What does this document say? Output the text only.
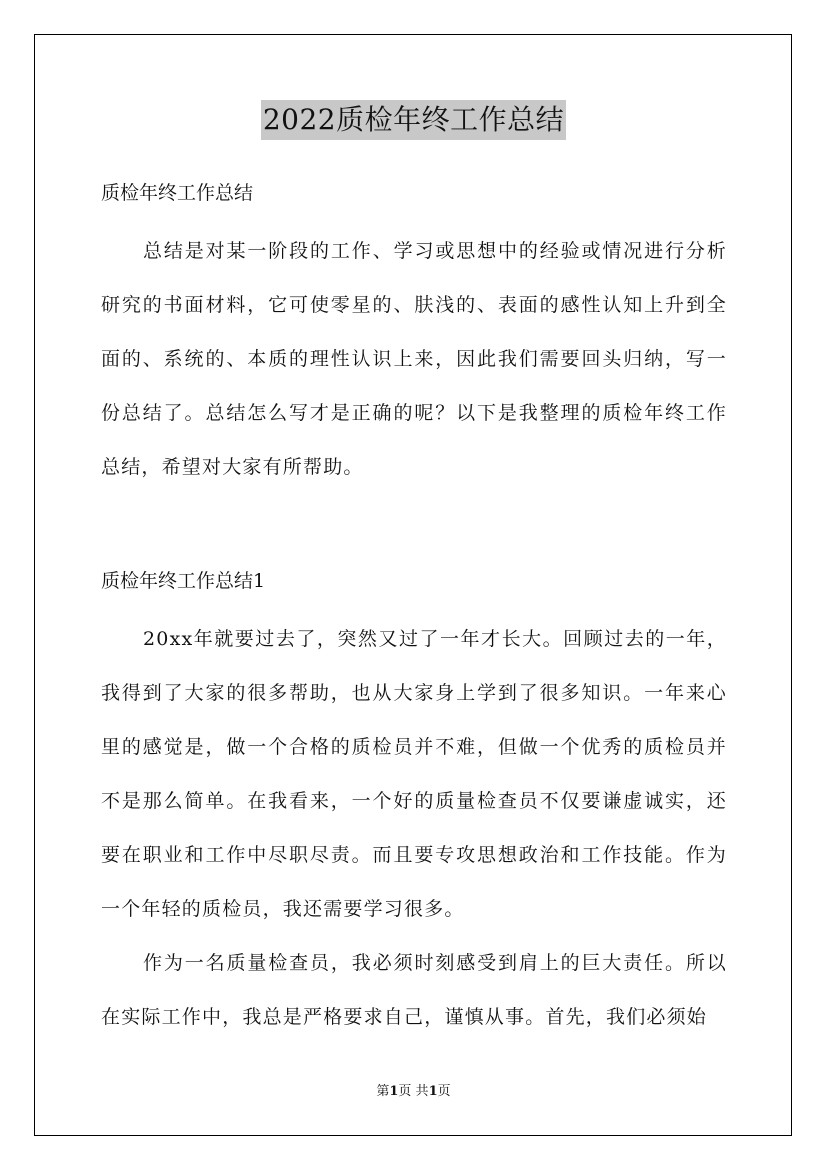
2022质检年终工作总结

质检年终工作总结

总结是对某一阶段的工作、学习或思想中的经验或情况进行分析研究的书面材料，它可使零星的、肤浅的、表面的感性认知上升到全面的、系统的、本质的理性认识上来，因此我们需要回头归纳，写一份总结了。总结怎么写才是正确的呢？以下是我整理的质检年终工作总结，希望对大家有所帮助。

质检年终工作总结1

20xx年就要过去了，突然又过了一年才长大。回顾过去的一年，我得到了大家的很多帮助，也从大家身上学到了很多知识。一年来心里的感觉是，做一个合格的质检员并不难，但做一个优秀的质检员并不是那么简单。在我看来，一个好的质量检查员不仅要谦虚诚实，还要在职业和工作中尽职尽责。而且要专攻思想政治和工作技能。作为一个年轻的质检员，我还需要学习很多。

作为一名质量检查员，我必须时刻感受到肩上的巨大责任。所以在实际工作中，我总是严格要求自己，谨慎从事。首先，我们必须始

第1页 共1页
